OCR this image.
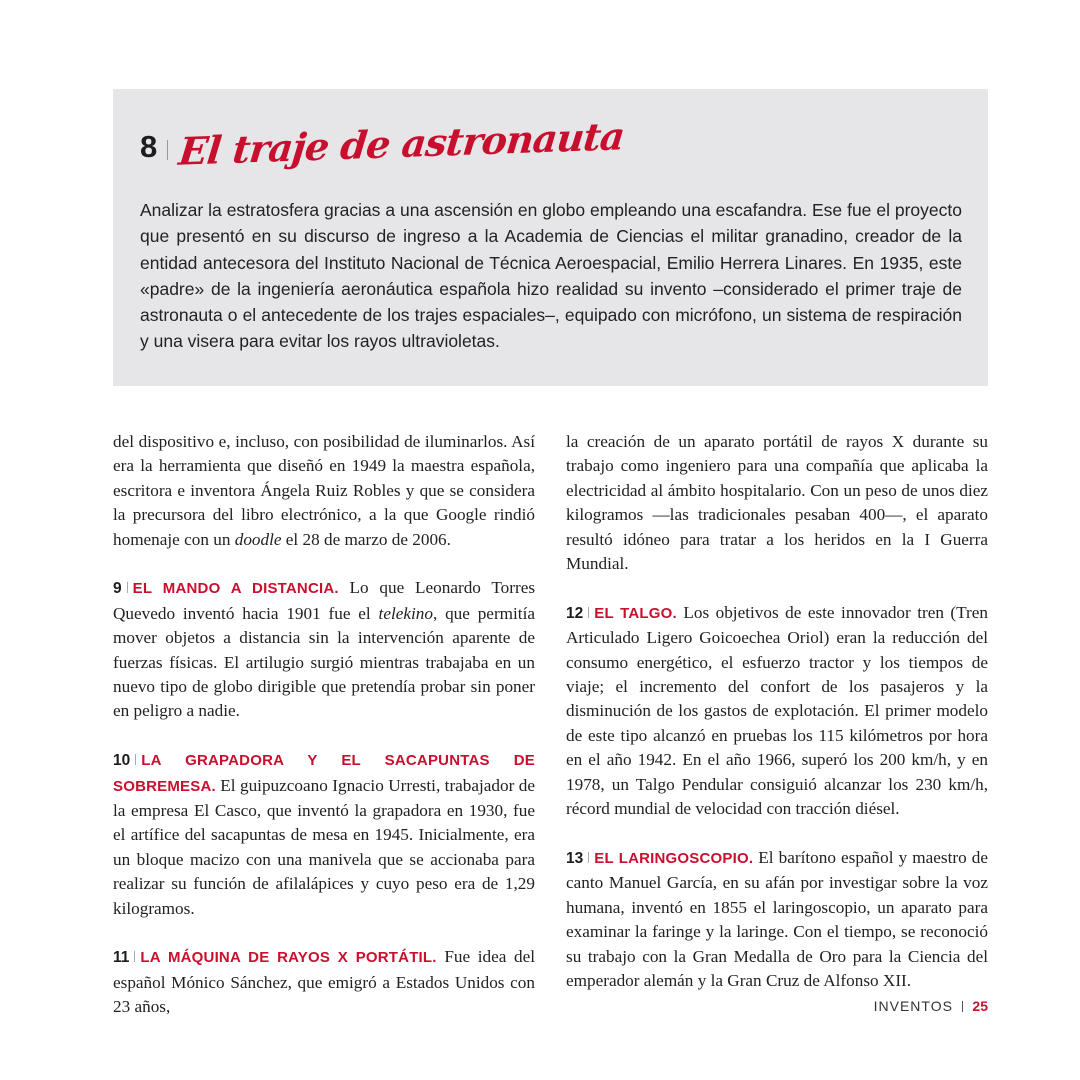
8 El traje de astronauta
Analizar la estratosfera gracias a una ascensión en globo empleando una escafandra. Ese fue el proyecto que presentó en su discurso de ingreso a la Academia de Ciencias el militar granadino, creador de la entidad antecesora del Instituto Nacional de Técnica Aeroespacial, Emilio Herrera Linares. En 1935, este «padre» de la ingeniería aeronáutica española hizo realidad su invento –considerado el primer traje de astronauta o el antecedente de los trajes espaciales–, equipado con micrófono, un sistema de respiración y una visera para evitar los rayos ultravioletas.

del dispositivo e, incluso, con posibilidad de iluminarlos. Así era la herramienta que diseñó en 1949 la maestra española, escritora e inventora Ángela Ruiz Robles y que se considera la precursora del libro electrónico, a la que Google rindió homenaje con un doodle el 28 de marzo de 2006.

9 EL MANDO A DISTANCIA. Lo que Leonardo Torres Quevedo inventó hacia 1901 fue el telekino, que permitía mover objetos a distancia sin la intervención aparente de fuerzas físicas. El artilugio surgió mientras trabajaba en un nuevo tipo de globo dirigible que pretendía probar sin poner en peligro a nadie.

10 LA GRAPADORA Y EL SACAPUNTAS DE SOBREMESA. El guipuzcoano Ignacio Urresti, trabajador de la empresa El Casco, que inventó la grapadora en 1930, fue el artífice del sacapuntas de mesa en 1945. Inicialmente, era un bloque macizo con una manivela que se accionaba para realizar su función de afilalápices y cuyo peso era de 1,29 kilogramos.

11 LA MÁQUINA DE RAYOS X PORTÁTIL. Fue idea del español Mónico Sánchez, que emigró a Estados Unidos con 23 años,

la creación de un aparato portátil de rayos X durante su trabajo como ingeniero para una compañía que aplicaba la electricidad al ámbito hospitalario. Con un peso de unos diez kilogramos —las tradicionales pesaban 400—, el aparato resultó idóneo para tratar a los heridos en la I Guerra Mundial.

12 EL TALGO. Los objetivos de este innovador tren (Tren Articulado Ligero Goicoechea Oriol) eran la reducción del consumo energético, el esfuerzo tractor y los tiempos de viaje; el incremento del confort de los pasajeros y la disminución de los gastos de explotación. El primer modelo de este tipo alcanzó en pruebas los 115 kilómetros por hora en el año 1942. En el año 1966, superó los 200 km/h, y en 1978, un Talgo Pendular consiguió alcanzar los 230 km/h, récord mundial de velocidad con tracción diésel.

13 EL LARINGOSCOPIO. El barítono español y maestro de canto Manuel García, en su afán por investigar sobre la voz humana, inventó en 1855 el laringoscopio, un aparato para examinar la faringe y la laringe. Con el tiempo, se reconoció su trabajo con la Gran Medalla de Oro para la Ciencia del emperador alemán y la Gran Cruz de Alfonso XII.

INVENTOS 25
